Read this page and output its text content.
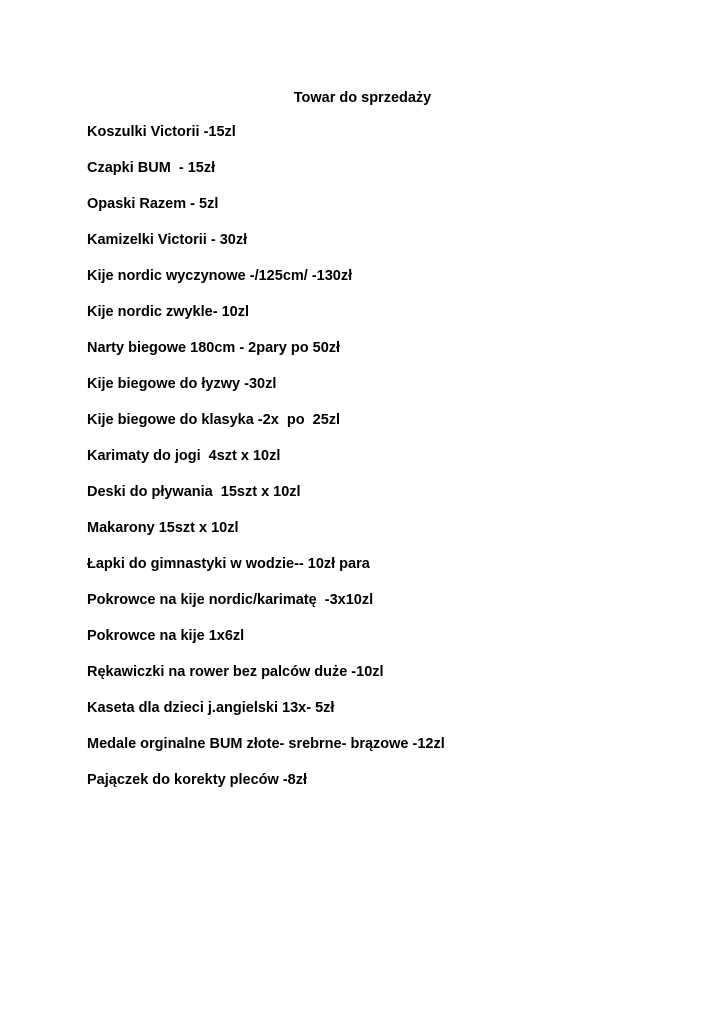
Towar do sprzedaży
Koszulki Victorii -15zl
Czapki BUM  - 15zł
Opaski Razem - 5zl
Kamizelki Victorii - 30zł
Kije nordic wyczynowe -/125cm/ -130zł
Kije nordic zwykle- 10zl
Narty biegowe 180cm - 2pary po 50zł
Kije biegowe do łyzwy -30zl
Kije biegowe do klasyka -2x  po  25zl
Karimaty do jogi  4szt x 10zl
Deski do pływania  15szt x 10zl
Makarony 15szt x 10zl
Łapki do gimnastyki w wodzie-- 10zł para
Pokrowce na kije nordic/karimatę  -3x10zl
Pokrowce na kije 1x6zl
Rękawiczki na rower bez palców duże -10zl
Kaseta dla dzieci j.angielski 13x- 5zł
Medale orginalne BUM złote- srebrne- brązowe -12zl
Pajączek do korekty pleców -8zł
